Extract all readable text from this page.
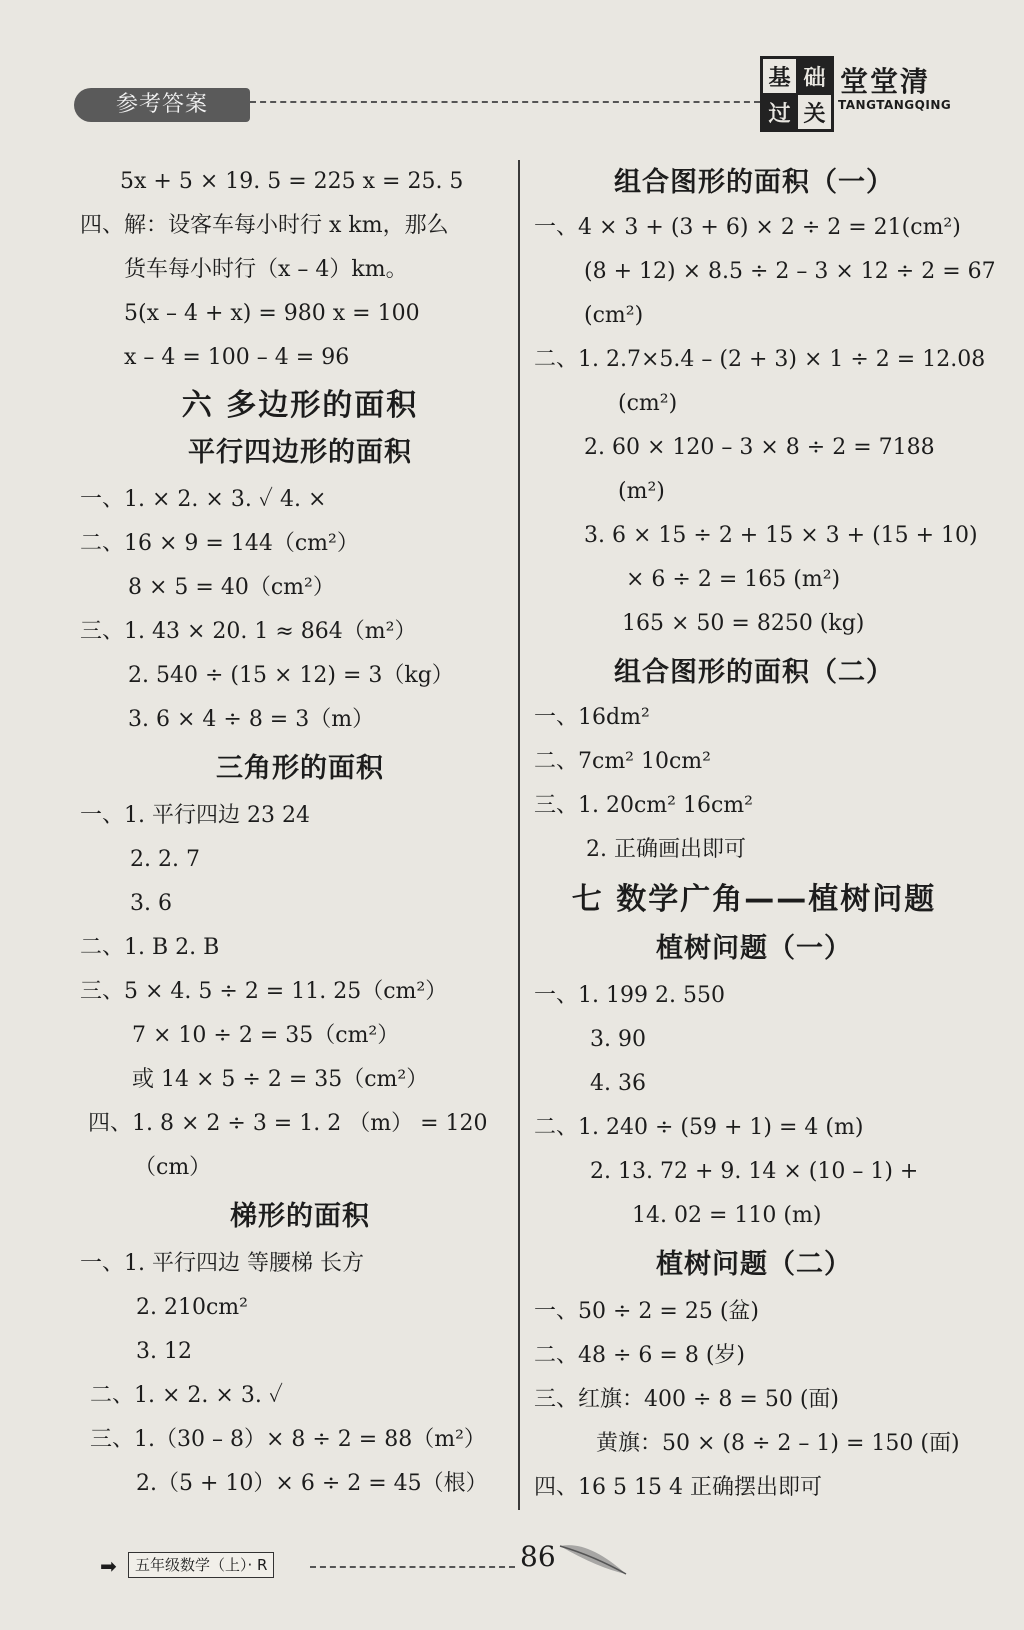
参考答案
基 础
过 关
堂堂清
TANGTANGQING
5x + 5 × 19. 5 = 225 x = 25. 5
四、解：设客车每小时行 x km，那么
货车每小时行（x – 4）km。
5(x – 4 + x) = 980 x = 100
x – 4 = 100 – 4 = 96
六 多边形的面积
平行四边形的面积
一、1. × 2. × 3. ✓ 4. ×
二、16 × 9 = 144（cm²）
8 × 5 = 40（cm²）
三、1. 43 × 20. 1 ≈ 864（m²）
2. 540 ÷ (15 × 12) = 3（kg）
3. 6 × 4 ÷ 8 = 3（m）
三角形的面积
一、1. 平行四边 23 24
2. 2. 7
3. 6
二、1. B 2. B
三、5 × 4. 5 ÷ 2 = 11. 25（cm²）
7 × 10 ÷ 2 = 35（cm²）
或 14 × 5 ÷ 2 = 35（cm²）
四、1. 8 × 2 ÷ 3 = 1. 2 （m） = 120
（cm）
梯形的面积
一、1. 平行四边 等腰梯 长方
2. 210cm²
3. 12
二、1. × 2. × 3. ✓
三、1.（30 – 8）× 8 ÷ 2 = 88（m²）
2.（5 + 10）× 6 ÷ 2 = 45（根）
组合图形的面积（一）
一、4 × 3 + (3 + 6) × 2 ÷ 2 = 21(cm²)
(8 + 12) × 8.5 ÷ 2 – 3 × 12 ÷ 2 = 67
(cm²)
二、1. 2.7×5.4 – (2 + 3) × 1 ÷ 2 = 12.08
(cm²)
2. 60 × 120 – 3 × 8 ÷ 2 = 7188
(m²)
3. 6 × 15 ÷ 2 + 15 × 3 + (15 + 10)
× 6 ÷ 2 = 165 (m²)
165 × 50 = 8250 (kg)
组合图形的面积（二）
一、16dm²
二、7cm² 10cm²
三、1. 20cm² 16cm²
2. 正确画出即可
七 数学广角——植树问题
植树问题（一）
一、1. 199 2. 550
3. 90
4. 36
二、1. 240 ÷ (59 + 1) = 4 (m)
2. 13. 72 + 9. 14 × (10 – 1) +
14. 02 = 110 (m)
植树问题（二）
一、50 ÷ 2 = 25 (盆)
二、48 ÷ 6 = 8 (岁)
三、红旗：400 ÷ 8 = 50 (面)
黄旗：50 × (8 ÷ 2 – 1) = 150 (面)
四、16 5 15 4 正确摆出即可
➡	五年级数学（上）· R	86
